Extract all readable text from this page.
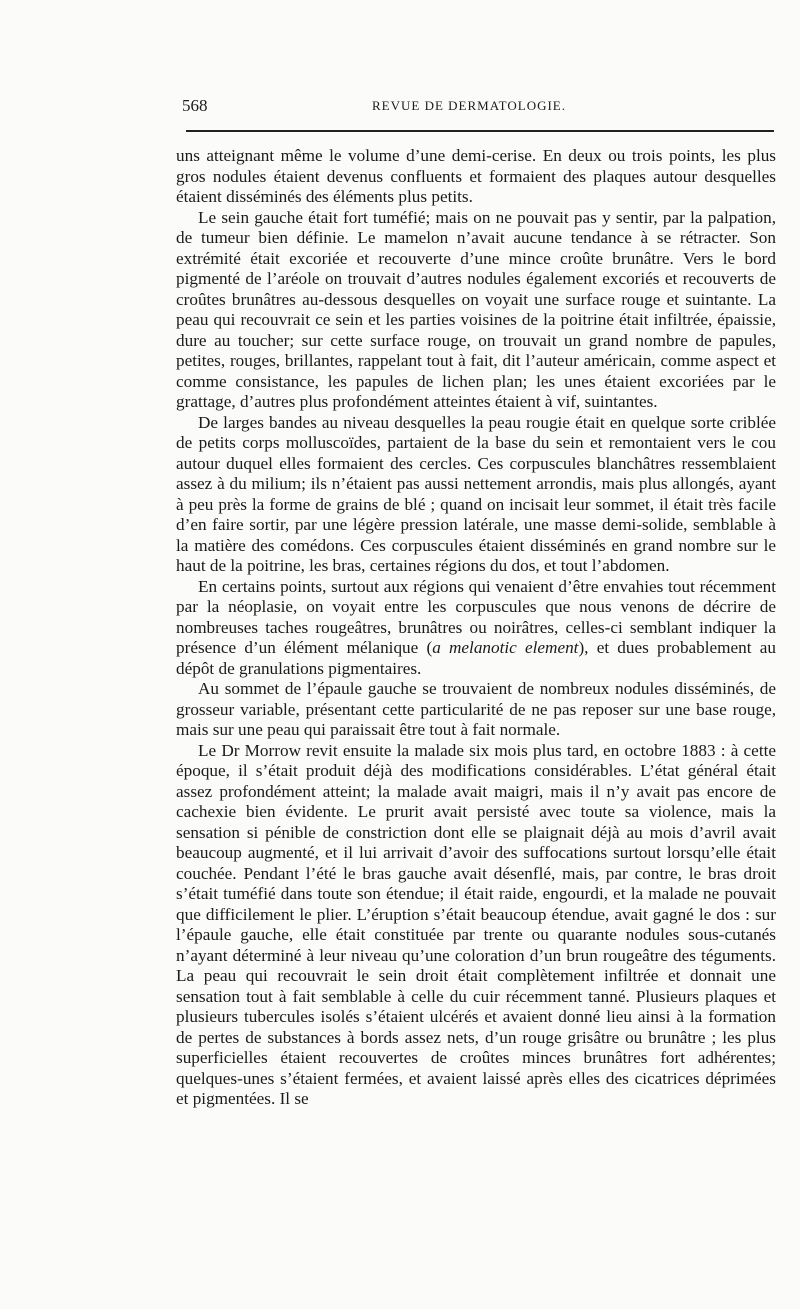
568	REVUE DE DERMATOLOGIE.

uns atteignant même le volume d’une demi-cerise. En deux ou trois points, les plus gros nodules étaient devenus confluents et formaient des plaques autour desquelles étaient disséminés des éléments plus petits.

Le sein gauche était fort tuméfié; mais on ne pouvait pas y sentir, par la palpation, de tumeur bien définie. Le mamelon n’avait aucune tendance à se rétracter. Son extrémité était excoriée et recouverte d’une mince croûte brunâtre. Vers le bord pigmenté de l’aréole on trouvait d’autres nodules également excoriés et recouverts de croûtes brunâtres au-dessous desquelles on voyait une surface rouge et suintante. La peau qui recouvrait ce sein et les parties voisines de la poitrine était infiltrée, épaissie, dure au toucher; sur cette surface rouge, on trouvait un grand nombre de papules, petites, rouges, brillantes, rappelant tout à fait, dit l’auteur américain, comme aspect et comme consistance, les papules de lichen plan; les unes étaient excoriées par le grattage, d’autres plus profondément atteintes étaient à vif, suintantes.

De larges bandes au niveau desquelles la peau rougie était en quelque sorte criblée de petits corps molluscoïdes, partaient de la base du sein et remontaient vers le cou autour duquel elles formaient des cercles. Ces corpuscules blanchâtres ressemblaient assez à du milium; ils n’étaient pas aussi nettement arrondis, mais plus allongés, ayant à peu près la forme de grains de blé ; quand on incisait leur sommet, il était très facile d’en faire sortir, par une légère pression latérale, une masse demi-solide, semblable à la matière des comédons. Ces corpuscules étaient disséminés en grand nombre sur le haut de la poitrine, les bras, certaines régions du dos, et tout l’abdomen.

En certains points, surtout aux régions qui venaient d’être envahies tout récemment par la néoplasie, on voyait entre les corpuscules que nous venons de décrire de nombreuses taches rougeâtres, brunâtres ou noirâtres, celles-ci semblant indiquer la présence d’un élément mélanique (a melanotic element), et dues probablement au dépôt de granulations pigmentaires.

Au sommet de l’épaule gauche se trouvaient de nombreux nodules disséminés, de grosseur variable, présentant cette particularité de ne pas reposer sur une base rouge, mais sur une peau qui paraissait être tout à fait normale.

Le Dr Morrow revit ensuite la malade six mois plus tard, en octobre 1883 : à cette époque, il s’était produit déjà des modifications considérables. L’état général était assez profondément atteint; la malade avait maigri, mais il n’y avait pas encore de cachexie bien évidente. Le prurit avait persisté avec toute sa violence, mais la sensation si pénible de constriction dont elle se plaignait déjà au mois d’avril avait beaucoup augmenté, et il lui arrivait d’avoir des suffocations surtout lorsqu’elle était couchée. Pendant l’été le bras gauche avait désenflé, mais, par contre, le bras droit s’était tuméfié dans toute son étendue; il était raide, engourdi, et la malade ne pouvait que difficilement le plier. L’éruption s’était beaucoup étendue, avait gagné le dos : sur l’épaule gauche, elle était constituée par trente ou quarante nodules sous-cutanés n’ayant déterminé à leur niveau qu’une coloration d’un brun rougeâtre des téguments. La peau qui recouvrait le sein droit était complètement infiltrée et donnait une sensation tout à fait semblable à celle du cuir récemment tanné. Plusieurs plaques et plusieurs tubercules isolés s’étaient ulcérés et avaient donné lieu ainsi à la formation de pertes de substances à bords assez nets, d’un rouge grisâtre ou brunâtre ; les plus superficielles étaient recouvertes de croûtes minces brunâtres fort adhérentes; quelques-unes s’étaient fermées, et avaient laissé après elles des cicatrices déprimées et pigmentées. Il se
